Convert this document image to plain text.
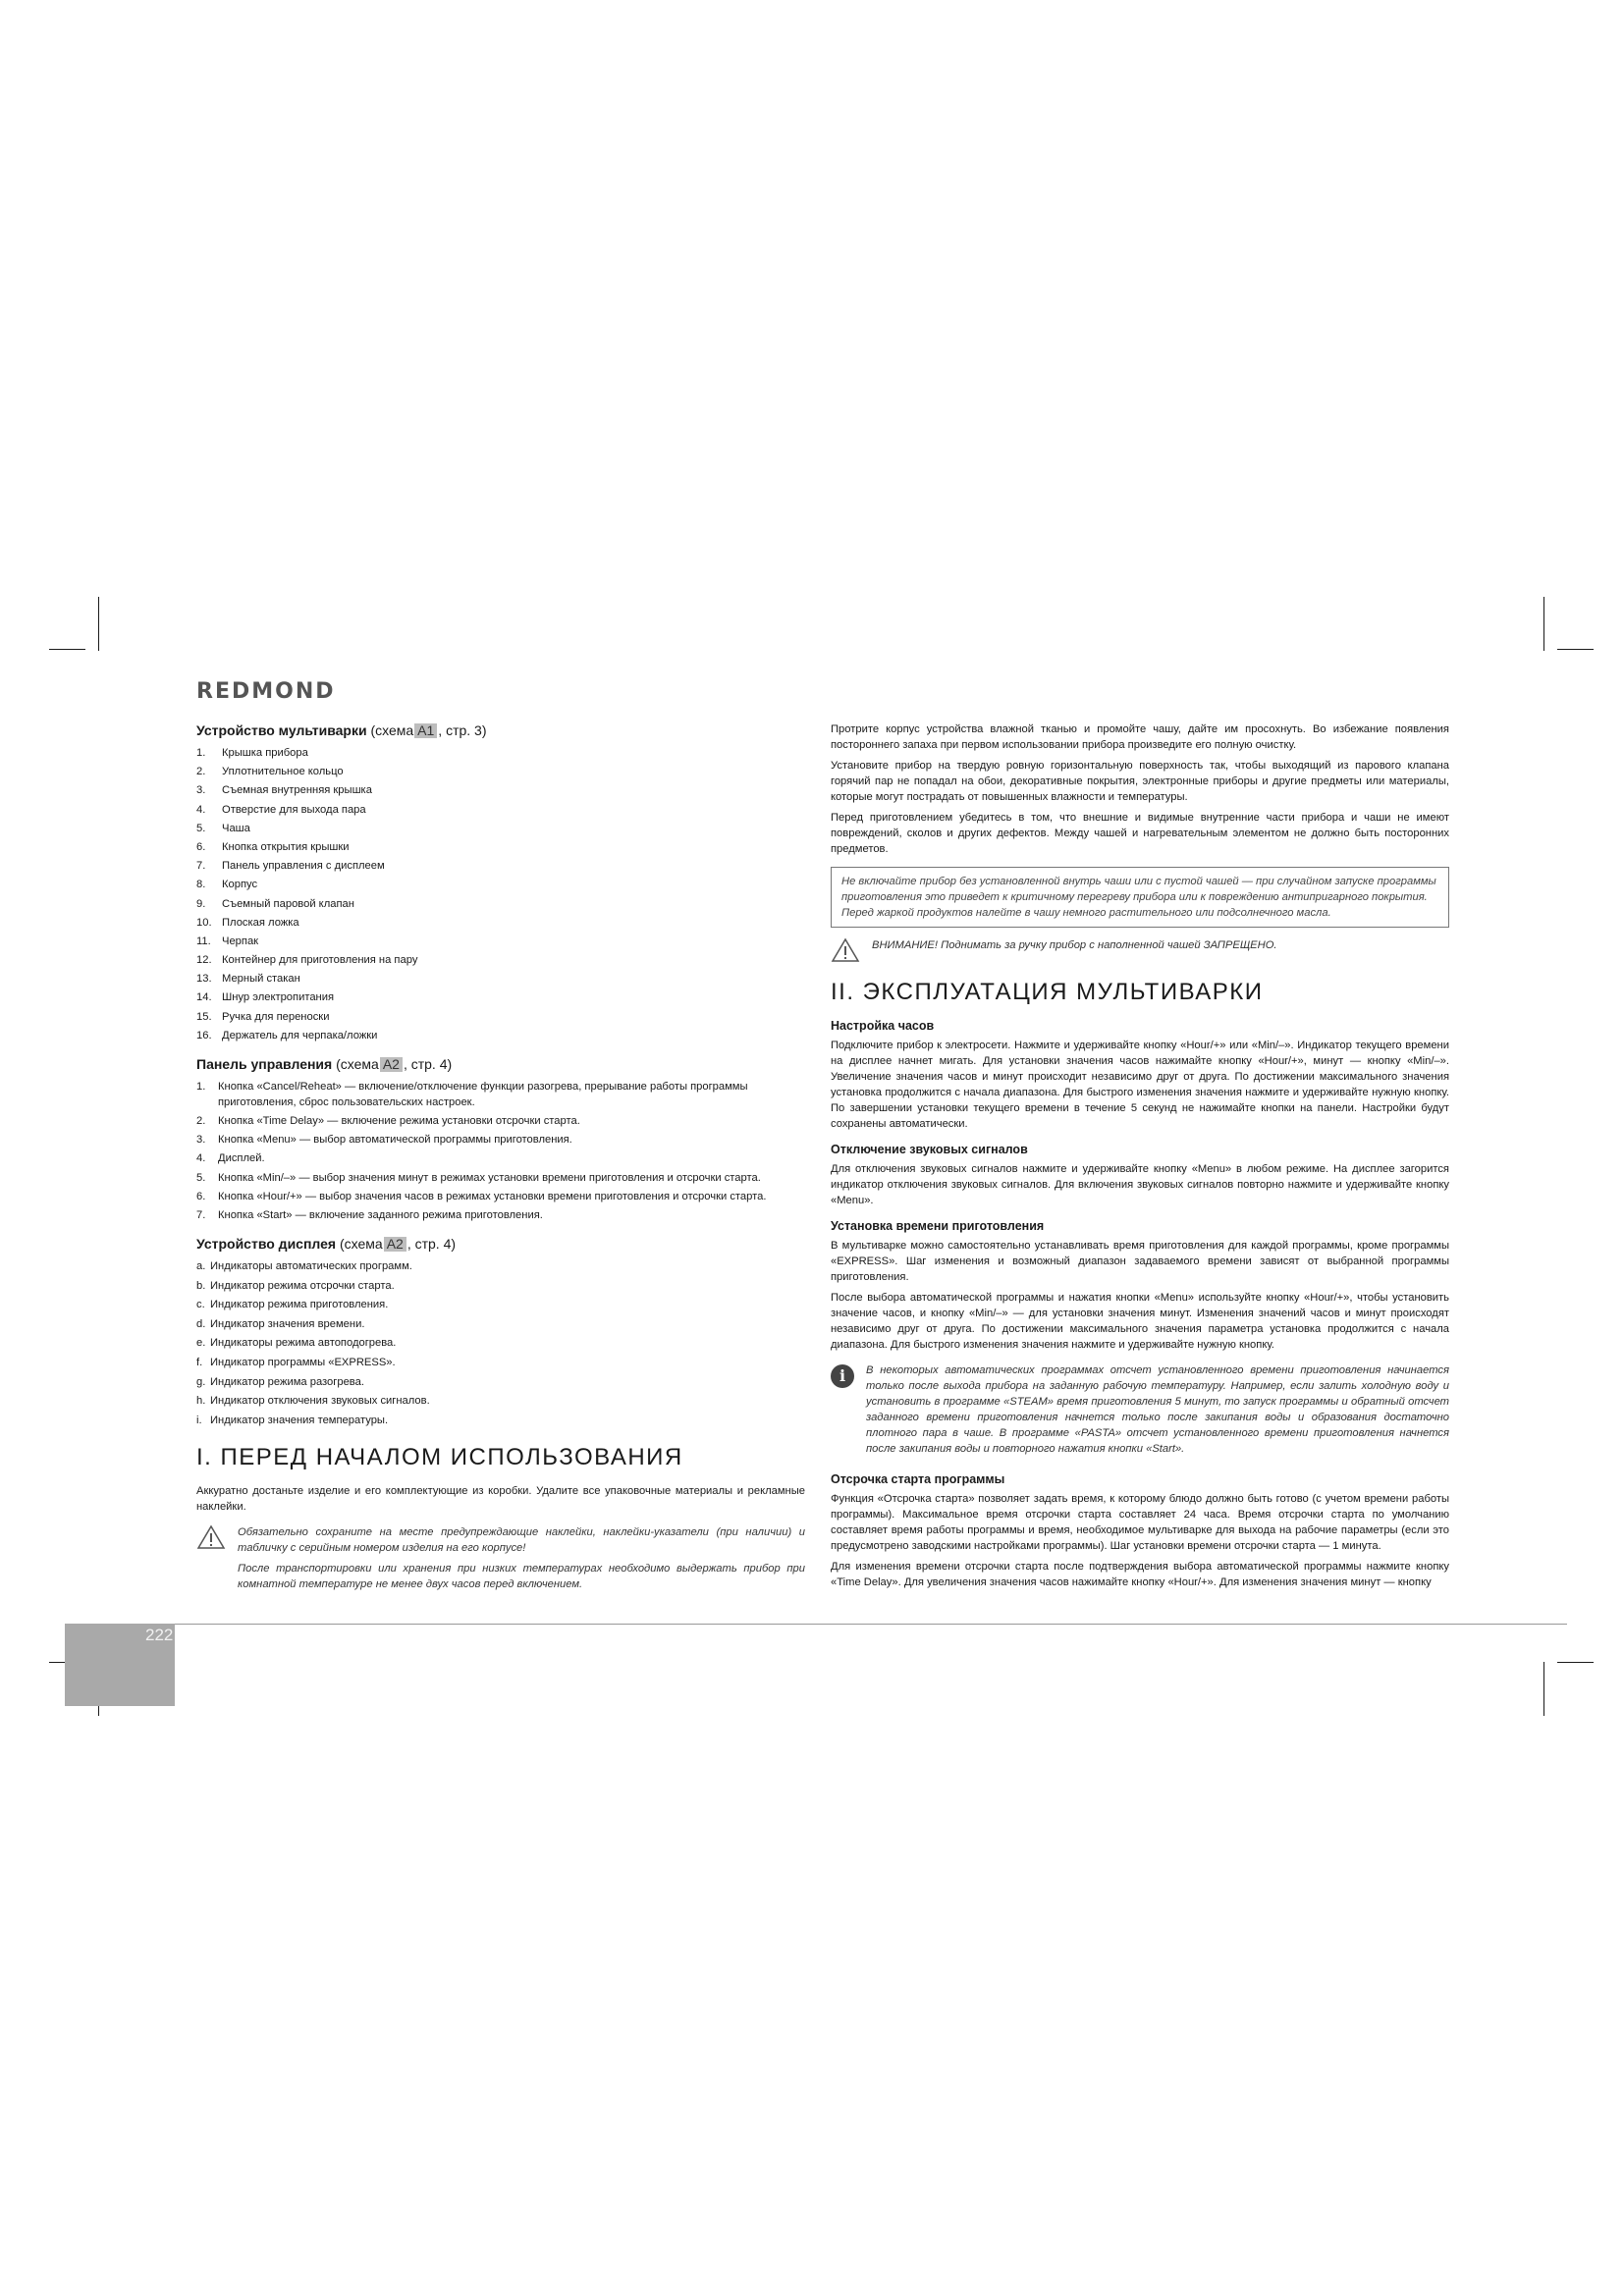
REDMOND
Устройство мультиварки (схема A1 , стр. 3)
1. Крышка прибора
2. Уплотнительное кольцо
3. Съемная внутренняя крышка
4. Отверстие для выхода пара
5. Чаша
6. Кнопка открытия крышки
7. Панель управления с дисплеем
8. Корпус
9. Съемный паровой клапан
10. Плоская ложка
11. Черпак
12. Контейнер для приготовления на пару
13. Мерный стакан
14. Шнур электропитания
15. Ручка для переноски
16. Держатель для черпака/ложки
Панель управления (схема A2 , стр. 4)
1. Кнопка «Cancel/Reheat» — включение/отключение функции разогрева, прерывание работы программы приготовления, сброс пользовательских настроек.
2. Кнопка «Time Delay» — включение режима установки отсрочки старта.
3. Кнопка «Menu» — выбор автоматической программы приготовления.
4. Дисплей.
5. Кнопка «Min/–» — выбор значения минут в режимах установки времени приготовления и отсрочки старта.
6. Кнопка «Hour/+» — выбор значения часов в режимах установки времени приготовления и отсрочки старта.
7. Кнопка «Start» — включение заданного режима приготовления.
Устройство дисплея (схема A2 , стр. 4)
a. Индикаторы автоматических программ.
b. Индикатор режима отсрочки старта.
c. Индикатор режима приготовления.
d. Индикатор значения времени.
e. Индикаторы режима автоподогрева.
f. Индикатор программы «EXPRESS».
g. Индикатор режима разогрева.
h. Индикатор отключения звуковых сигналов.
i. Индикатор значения температуры.
I. ПЕРЕД НАЧАЛОМ ИСПОЛЬЗОВАНИЯ

Аккуратно достаньте изделие и его комплектующие из коробки. Удалите все упаковочные материалы и рекламные наклейки.

Обязательно сохраните на месте предупреждающие наклейки, наклейки-указатели (при наличии) и табличку с серийным номером изделия на его корпусе!

После транспортировки или хранения при низких температурах необходимо выдержать прибор при комнатной температуре не менее двух часов перед включением.

Протрите корпус устройства влажной тканью и промойте чашу, дайте им просохнуть. Во избежание появления постороннего запаха при первом использовании прибора произведите его полную очистку.

Установите прибор на твердую ровную горизонтальную поверхность так, чтобы выходящий из парового клапана горячий пар не попадал на обои, декоративные покрытия, электронные приборы и другие предметы или материалы, которые могут пострадать от повышенных влажности и температуры.

Перед приготовлением убедитесь в том, что внешние и видимые внутренние части прибора и чаши не имеют повреждений, сколов и других дефектов. Между чашей и нагревательным элементом не должно быть посторонних предметов.

Не включайте прибор без установленной внутрь чаши или с пустой чашей — при случайном запуске программы приготовления это приведет к критичному перегреву прибора или к повреждению антипригарного покрытия. Перед жаркой продуктов налейте в чашу немного растительного или подсолнечного масла.

ВНИМАНИЕ! Поднимать за ручку прибор с наполненной чашей ЗАПРЕЩЕНО.

II. ЭКСПЛУАТАЦИЯ МУЛЬТИВАРКИ
Настройка часов

Подключите прибор к электросети. Нажмите и удерживайте кнопку «Hour/+» или «Min/–». Индикатор текущего времени на дисплее начнет мигать. Для установки значения часов нажимайте кнопку «Hour/+», минут — кнопку «Min/–». Увеличение значения часов и минут происходит независимо друг от друга. По достижении максимального значения установка продолжится с начала диапазона. Для быстрого изменения значения нажмите и удерживайте нужную кнопку. По завершении установки текущего времени в течение 5 секунд не нажимайте кнопки на панели. Настройки будут сохранены автоматически.

Отключение звуковых сигналов

Для отключения звуковых сигналов нажмите и удерживайте кнопку «Menu» в любом режиме. На дисплее загорится индикатор отключения звуковых сигналов. Для включения звуковых сигналов повторно нажмите и удерживайте кнопку «Menu».

Установка времени приготовления

В мультиварке можно самостоятельно устанавливать время приготовления для каждой программы, кроме программы «EXPRESS». Шаг изменения и возможный диапазон задаваемого времени зависят от выбранной программы приготовления.

После выбора автоматической программы и нажатия кнопки «Menu» используйте кнопку «Hour/+», чтобы установить значение часов, и кнопку «Min/–» — для установки значения минут. Изменения значений часов и минут происходят независимо друг от друга. По достижении максимального значения параметра установка продолжится с начала диапазона. Для быстрого изменения значения нажмите и удерживайте нужную кнопку.

i	В некоторых автоматических программах отсчет установленного времени приготовления начинается только после выхода прибора на заданную рабочую температуру. Например, если залить холодную воду и установить в программе «STEAM» время приготовления 5 минут, то запуск программы и обратный отсчет заданного времени приготовления начнется только после закипания воды и образования достаточно плотного пара в чаше. В программе «PASTA» отсчет установленного времени приготовления начнется после закипания воды и повторного нажатия кнопки «Start».

Отсрочка старта программы

Функция «Отсрочка старта» позволяет задать время, к которому блюдо должно быть готово (с учетом времени работы программы). Максимальное время отсрочки старта составляет 24 часа. Время отсрочки старта по умолчанию составляет время работы программы и время, необходимое мультиварке для выхода на рабочие параметры (если это предусмотрено заводскими настройками программы). Шаг установки времени отсрочки старта — 1 минута.

Для изменения времени отсрочки старта после подтверждения выбора автоматической программы нажмите кнопку «Time Delay». Для увеличения значения часов нажимайте кнопку «Hour/+». Для изменения значения минут — кнопку

222
